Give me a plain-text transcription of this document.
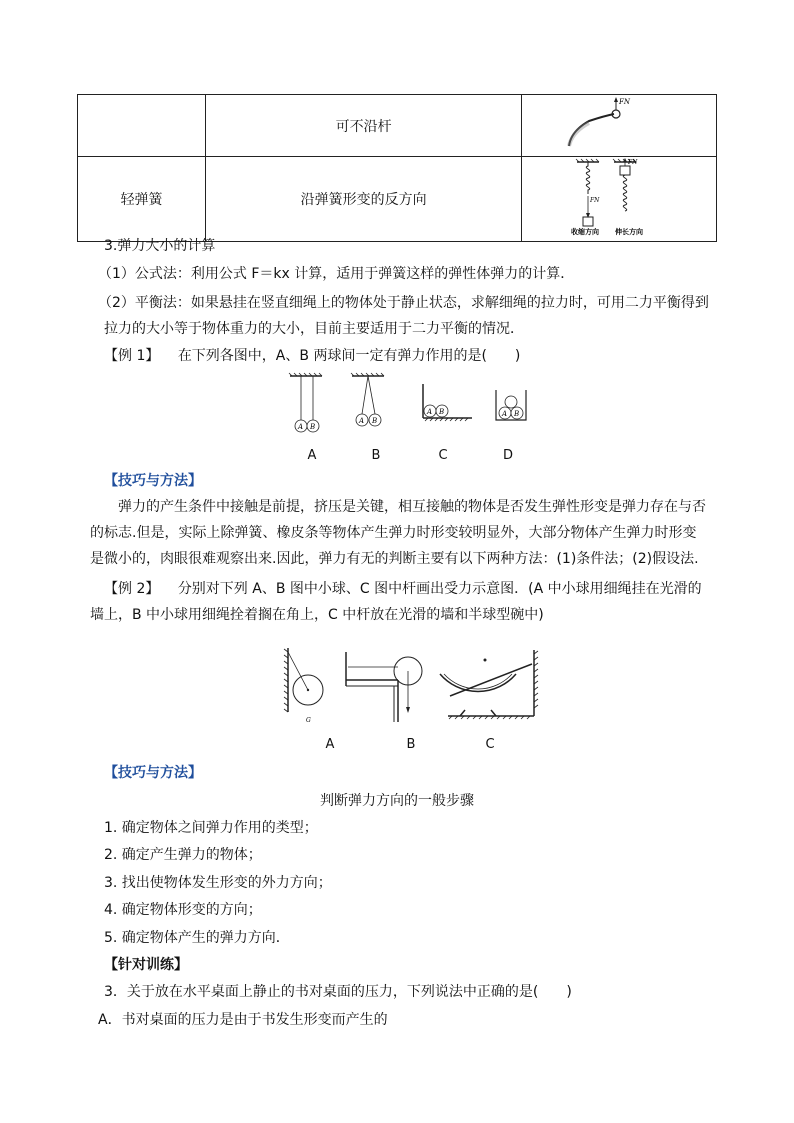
	可不沿杆	FN

轻弹簧	沿弹簧形变的反方向	FN
FN
收缩方向 伸长方向
3.弹力大小的计算
（1）公式法：利用公式 F＝kx 计算，适用于弹簧这样的弹性体弹力的计算．
（2）平衡法：如果悬挂在竖直细绳上的物体处于静止状态，求解细绳的拉力时，可用二力平衡得到拉力的大小等于物体重力的大小，目前主要适用于二力平衡的情况．
【例 1】 在下列各图中，A、B 两球间一定有弹力作用的是(　　)
A B
A B
A B	A B
A	B	C	D
【技巧与方法】
弹力的产生条件中接触是前提，挤压是关键，相互接触的物体是否发生弹性形变是弹力存在与否的标志.但是，实际上除弹簧、橡皮条等物体产生弹力时形变较明显外，大部分物体产生弹力时形变是微小的，肉眼很难观察出来.因此，弹力有无的判断主要有以下两种方法：(1)条件法；(2)假设法.
【例 2】 分别对下列 A、B 图中小球、C 图中杆画出受力示意图．(A 中小球用细绳挂在光滑的墙上，B 中小球用细绳拴着搁在角上，C 中杆放在光滑的墙和半球型碗中)
G
A	B	C
【技巧与方法】
判断弹力方向的一般步骤
1. 确定物体之间弹力作用的类型；
2. 确定产生弹力的物体；
3. 找出使物体发生形变的外力方向；
4. 确定物体形变的方向；
5. 确定物体产生的弹力方向．
【针对训练】
3．关于放在水平桌面上静止的书对桌面的压力，下列说法中正确的是(　　)
A．书对桌面的压力是由于书发生形变而产生的
